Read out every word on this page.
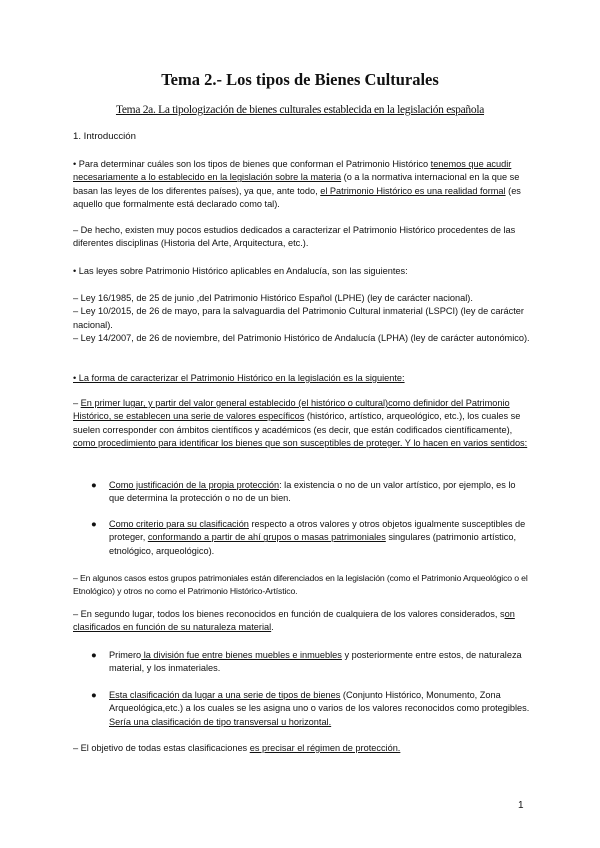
Tema 2.- Los tipos de Bienes Culturales
Tema 2a. La tipologización de bienes culturales establecida en la legislación española
1. Introducción
• Para determinar cuáles son los tipos de bienes que conforman el Patrimonio Histórico tenemos que acudir necesariamente a lo establecido en la legislación sobre la materia (o a la normativa internacional en la que se basan las leyes de los diferentes países), ya que, ante todo, el Patrimonio Histórico es una realidad formal (es aquello que formalmente está declarado como tal).
– De hecho, existen muy pocos estudios dedicados a caracterizar el Patrimonio Histórico procedentes de las diferentes disciplinas (Historia del Arte, Arquitectura, etc.).
• Las leyes sobre Patrimonio Histórico aplicables en Andalucía, son las siguientes:
– Ley 16/1985, de 25 de junio ,del Patrimonio Histórico Español (LPHE) (ley de carácter nacional).
– Ley 10/2015, de 26 de mayo, para la salvaguardia del Patrimonio Cultural inmaterial (LSPCI) (ley de carácter nacional).
– Ley 14/2007, de 26 de noviembre, del Patrimonio Histórico de Andalucía (LPHA) (ley de carácter autonómico).
• La forma de caracterizar el Patrimonio Histórico en la legislación es la siguiente:
– En primer lugar, y partir del valor general establecido (el histórico o cultural)como definidor del Patrimonio Histórico, se establecen una serie de valores específicos (histórico, artístico, arqueológico, etc.), los cuales se suelen corresponder con ámbitos científicos y académicos (es decir, que están codificados científicamente), como procedimiento para identificar los bienes que son susceptibles de proteger. Y lo hacen en varios sentidos:
●	Como justificación de la propia protección: la existencia o no de un valor artístico, por ejemplo, es lo que determina la protección o no de un bien.
●	Como criterio para su clasificación respecto a otros valores y otros objetos igualmente susceptibles de proteger, conformando a partir de ahí grupos o masas patrimoniales singulares (patrimonio artístico, etnológico, arqueológico).
– En algunos casos estos grupos patrimoniales están diferenciados en la legislación (como el Patrimonio Arqueológico o el Etnológico) y otros no como el Patrimonio Histórico-Artístico.
– En segundo lugar, todos los bienes reconocidos en función de cualquiera de los valores considerados, son clasificados en función de su naturaleza material.
●	Primero la división fue entre bienes muebles e inmuebles y posteriormente entre estos, de naturaleza material, y los inmateriales.
●	Esta clasificación da lugar a una serie de tipos de bienes (Conjunto Histórico, Monumento, Zona Arqueológica,etc.) a los cuales se les asigna uno o varios de los valores reconocidos como protegibles. Sería una clasificación de tipo transversal u horizontal.
– El objetivo de todas estas clasificaciones es precisar el régimen de protección.
1
